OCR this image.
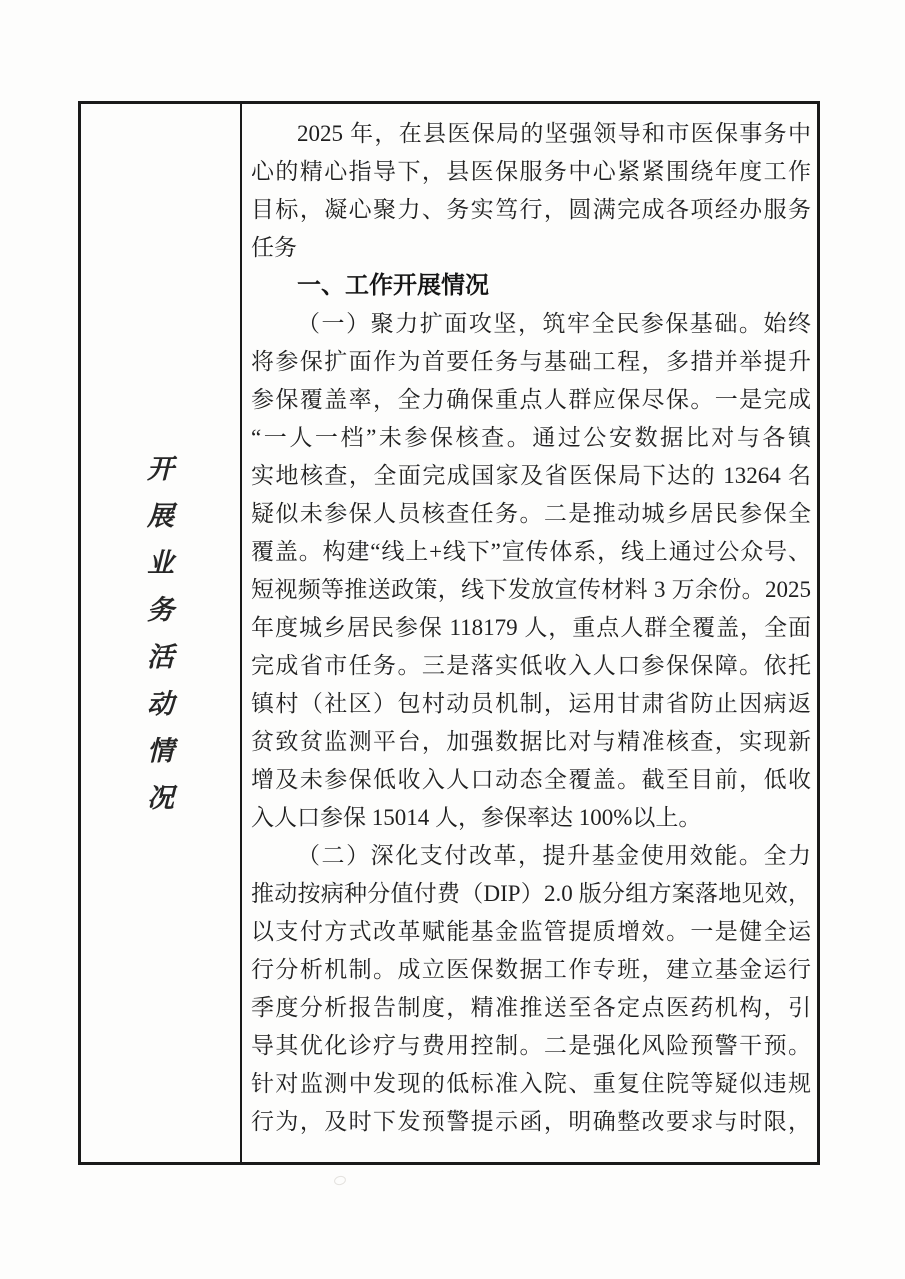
开
展
业
务
活
动
情
况
2025 年，在县医保局的坚强领导和市医保事务中
心的精心指导下，县医保服务中心紧紧围绕年度工作
目标，凝心聚力、务实笃行，圆满完成各项经办服务
任务
一、工作开展情况
（一）聚力扩面攻坚，筑牢全民参保基础。始终
将参保扩面作为首要任务与基础工程，多措并举提升
参保覆盖率，全力确保重点人群应保尽保。一是完成
“一人一档”未参保核查。通过公安数据比对与各镇
实地核查，全面完成国家及省医保局下达的 13264 名
疑似未参保人员核查任务。二是推动城乡居民参保全
覆盖。构建“线上+线下”宣传体系，线上通过公众号、
短视频等推送政策，线下发放宣传材料 3 万余份。2025
年度城乡居民参保 118179 人，重点人群全覆盖，全面
完成省市任务。三是落实低收入人口参保保障。依托
镇村（社区）包村动员机制，运用甘肃省防止因病返
贫致贫监测平台，加强数据比对与精准核查，实现新
增及未参保低收入人口动态全覆盖。截至目前，低收
入人口参保 15014 人，参保率达 100%以上。
（二）深化支付改革，提升基金使用效能。全力
推动按病种分值付费（DIP）2.0 版分组方案落地见效，
以支付方式改革赋能基金监管提质增效。一是健全运
行分析机制。成立医保数据工作专班，建立基金运行
季度分析报告制度，精准推送至各定点医药机构，引
导其优化诊疗与费用控制。二是强化风险预警干预。
针对监测中发现的低标准入院、重复住院等疑似违规
行为，及时下发预警提示函，明确整改要求与时限，
